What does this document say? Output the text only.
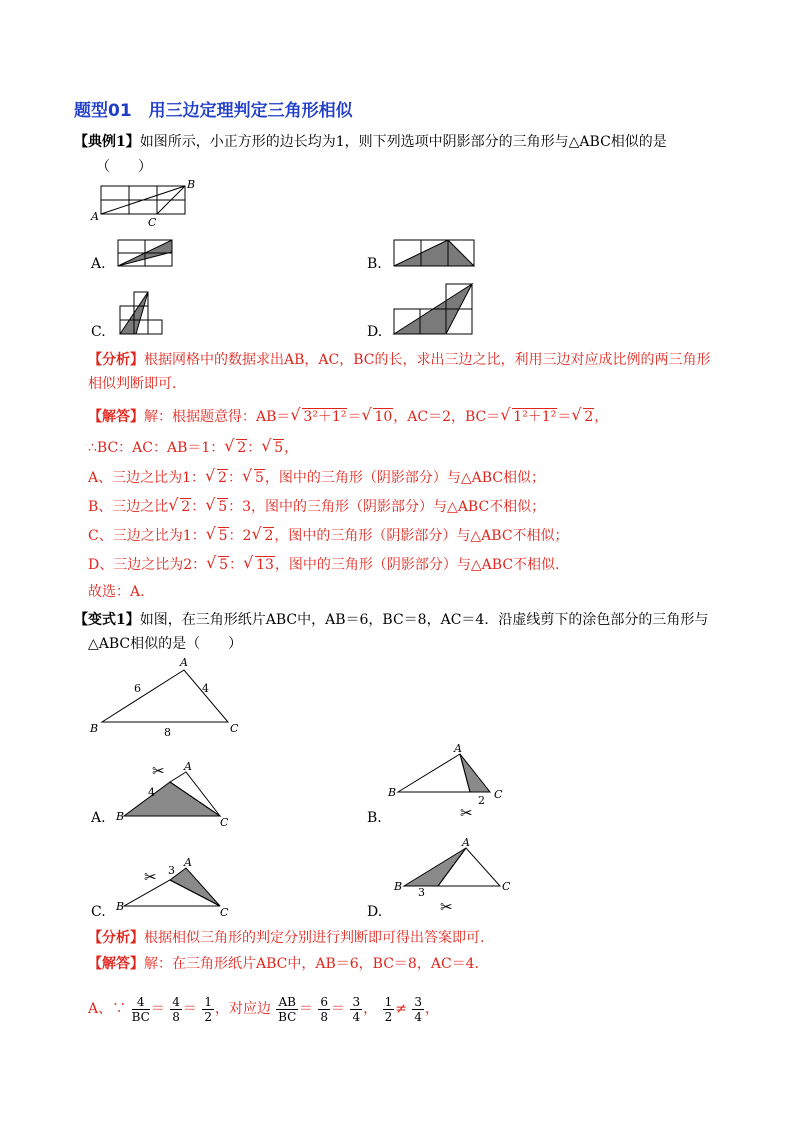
题型01　用三边定理判定三角形相似
【典例1】如图所示，小正方形的边长均为1，则下列选项中阴影部分的三角形与△ABC相似的是
（　　）
A
B
C
A.	B.
C.	D.
【分析】根据网格中的数据求出AB，AC，BC的长，求出三边之比，利用三边对应成比例的两三角形
相似判断即可.
【解答】解：根据题意得：AB＝ √ 3²＋1²＝ √ 10，AC＝2，BC＝ √ 1²＋1²＝ √ 2，
∴BC：AC：AB＝1： √ 2： √ 5，
A、三边之比为1： √ 2： √ 5，图中的三角形（阴影部分）与△ABC相似；
B、三边之比 √ 2： √ 5：3，图中的三角形（阴影部分）与△ABC不相似；
C、三边之比为1： √ 5：2 √ 2，图中的三角形（阴影部分）与△ABC不相似；
D、三边之比为2： √ 5： √ 13，图中的三角形（阴影部分）与△ABC不相似.
故选：A.
【变式1】如图，在三角形纸片ABC中，AB＝6，BC＝8，AC＝4．沿虚线剪下的涂色部分的三角形与
△ABC相似的是（　　）
A
B	C
6	4
8
A. B	C
A
4
✂
B.
B	C
A
2
✂
C. B	C
A
3
✂
D.
B	C
A
3
✂
【分析】根据相似三角形的判定分别进行判断即可得出答案即可.
【解答】解：在三角形纸片ABC中，AB＝6，BC＝8，AC＝4．
A、∵ $\frac{4}{BC} = \frac{4}{8} = \frac{1}{2}$ ，对应边 $\frac{AB}{BC} = \frac{6}{8} = \frac{3}{4}$ ， $\frac{1}{2} \ne \frac{3}{4}$ ，
